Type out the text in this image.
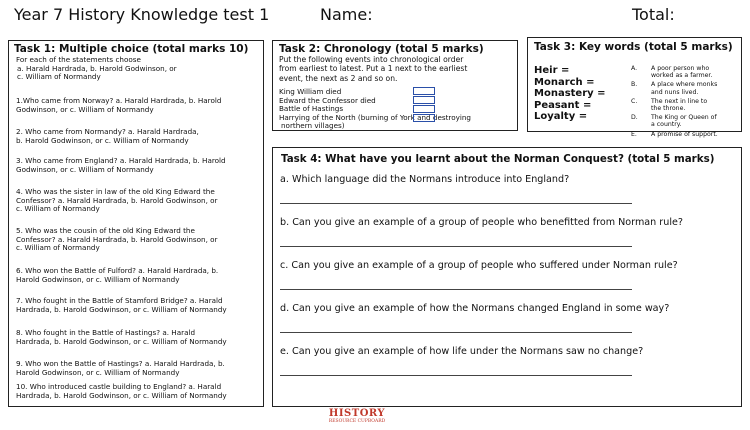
Year 7 History Knowledge test 1	Name:	Total:
Task 1: Multiple choice (total marks 10)
For each of the statements choose
a. Harald Hardrada, b. Harold Godwinson, or
c. William of Normandy
1.Who came from Norway? a. Harald Hardrada, b. Harold
Godwinson, or c. William of Normandy
2. Who came from Normandy? a. Harald Hardrada,
b. Harold Godwinson, or c. William of Normandy
3. Who came from England? a. Harald Hardrada, b. Harold
Godwinson, or c. William of Normandy
4. Who was the sister in law of the old King Edward the
Confessor? a. Harald Hardrada, b. Harold Godwinson, or
c. William of Normandy
5. Who was the cousin of the old King Edward the
Confessor? a. Harald Hardrada, b. Harold Godwinson, or
c. William of Normandy
6. Who won the Battle of Fulford? a. Harald Hardrada, b.
Harold Godwinson, or c. William of Normandy
7. Who fought in the Battle of Stamford Bridge? a. Harald
Hardrada, b. Harold Godwinson, or c. William of Normandy
8. Who fought in the Battle of Hastings? a. Harald
Hardrada, b. Harold Godwinson, or c. William of Normandy
9. Who won the Battle of Hastings? a. Harald Hardrada, b.
Harold Godwinson, or c. William of Normandy
10. Who introduced castle building to England? a. Harald
Hardrada, b. Harold Godwinson, or c. William of Normandy
Task 2: Chronology (total 5 marks)
Put the following events into chronological order
from earliest to latest. Put a 1 next to the earliest
event, the next as 2 and so on.
King William died
Edward the Confessor died
Battle of Hastings
Harrying of the North (burning of York and destroying
northern villages)
Task 3: Key words (total 5 marks)
Heir =
Monarch =
Monastery =
Peasant =
Loyalty =
A.	A poor person who
worked as a farmer.
B.	A place where monks
and nuns lived.
C.	The next in line to
the throne.
D.	The King or Queen of
a country.
E.	A promise of support.
Task 4: What have you learnt about the Norman Conquest? (total 5 marks)
a. Which language did the Normans introduce into England?
b. Can you give an example of a group of people who benefitted from Norman rule?
c. Can you give an example of a group of people who suffered under Norman rule?
d. Can you give an example of how the Normans changed England in some way?
e. Can you give an example of how life under the Normans saw no change?
HISTORY
RESOURCE CUPBOARD
